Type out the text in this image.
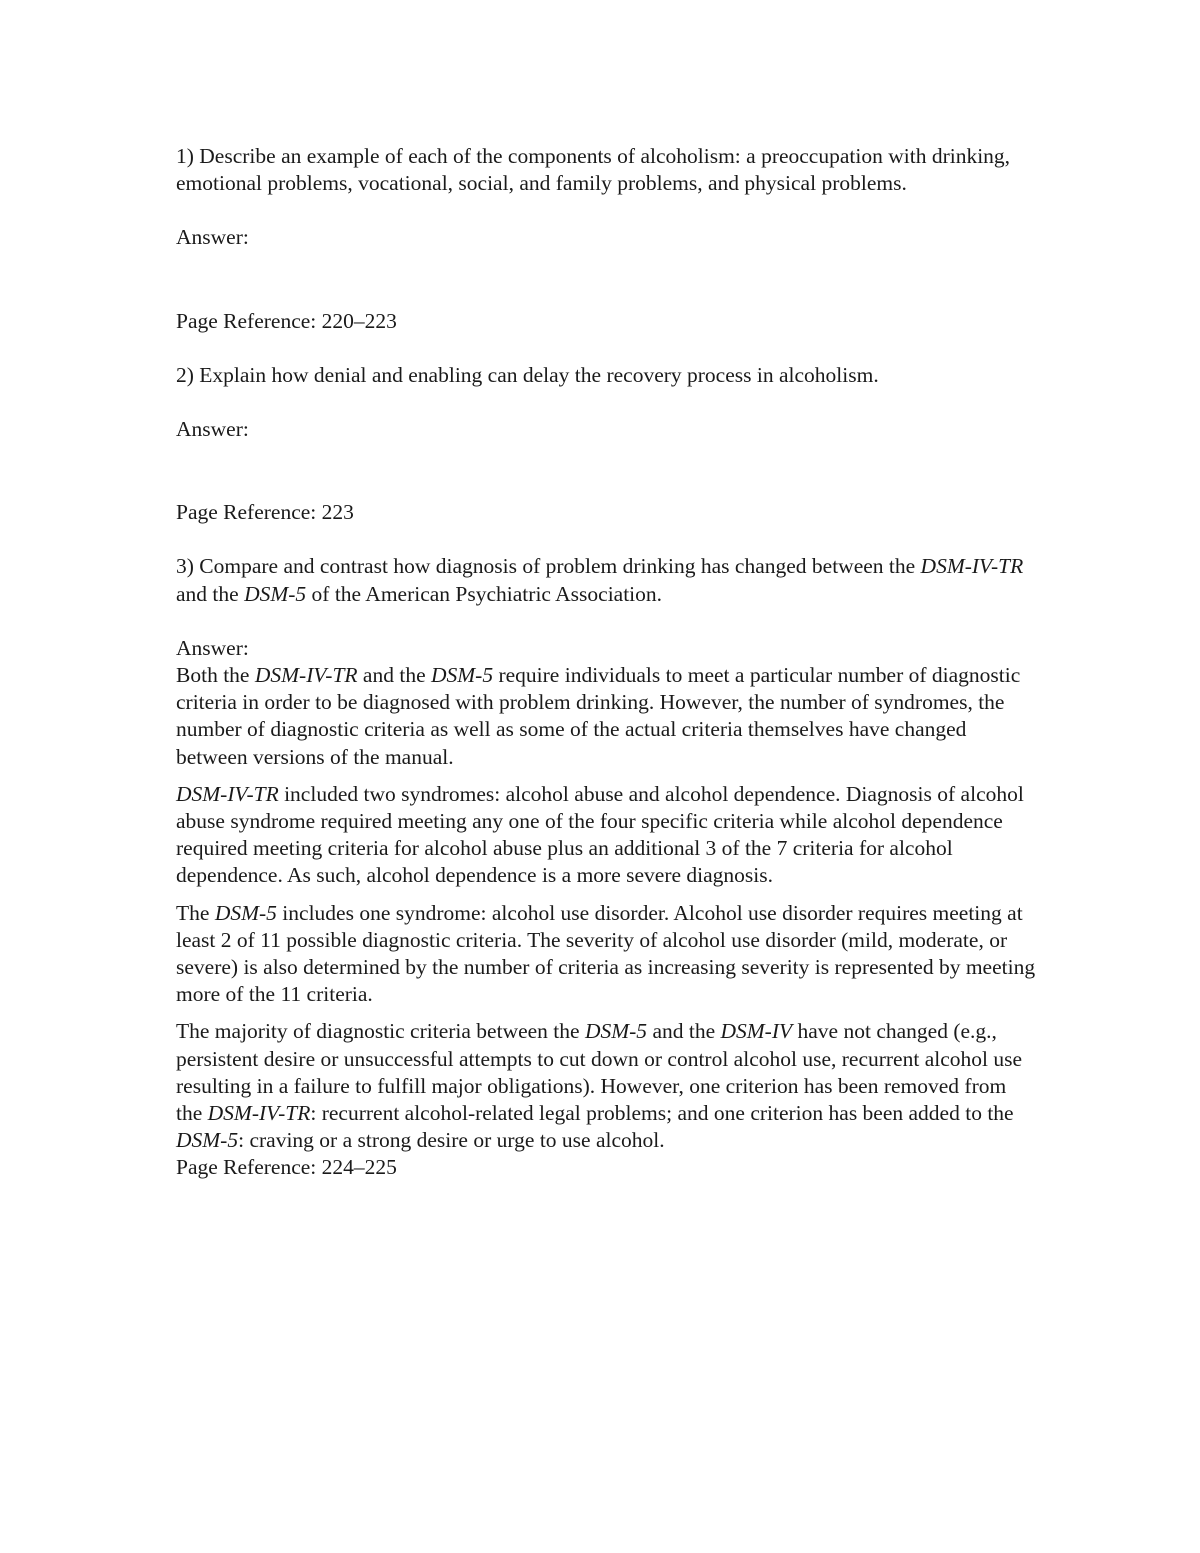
1) Describe an example of each of the components of alcoholism: a preoccupation with drinking, emotional problems, vocational, social, and family problems, and physical problems.

Answer:

Page Reference: 220–223

2) Explain how denial and enabling can delay the recovery process in alcoholism.

Answer:

Page Reference: 223

3) Compare and contrast how diagnosis of problem drinking has changed between the DSM-IV-TR and the DSM-5 of the American Psychiatric Association.

Answer:

Both the DSM-IV-TR and the DSM-5 require individuals to meet a particular number of diagnostic criteria in order to be diagnosed with problem drinking. However, the number of syndromes, the number of diagnostic criteria as well as some of the actual criteria themselves have changed between versions of the manual.

DSM-IV-TR included two syndromes: alcohol abuse and alcohol dependence. Diagnosis of alcohol abuse syndrome required meeting any one of the four specific criteria while alcohol dependence required meeting criteria for alcohol abuse plus an additional 3 of the 7 criteria for alcohol dependence. As such, alcohol dependence is a more severe diagnosis.

The DSM-5 includes one syndrome: alcohol use disorder. Alcohol use disorder requires meeting at least 2 of 11 possible diagnostic criteria. The severity of alcohol use disorder (mild, moderate, or severe) is also determined by the number of criteria as increasing severity is represented by meeting more of the 11 criteria.

The majority of diagnostic criteria between the DSM-5 and the DSM-IV have not changed (e.g., persistent desire or unsuccessful attempts to cut down or control alcohol use, recurrent alcohol use resulting in a failure to fulfill major obligations). However, one criterion has been removed from the DSM-IV-TR: recurrent alcohol-related legal problems; and one criterion has been added to the DSM-5: craving or a strong desire or urge to use alcohol.

Page Reference: 224–225
